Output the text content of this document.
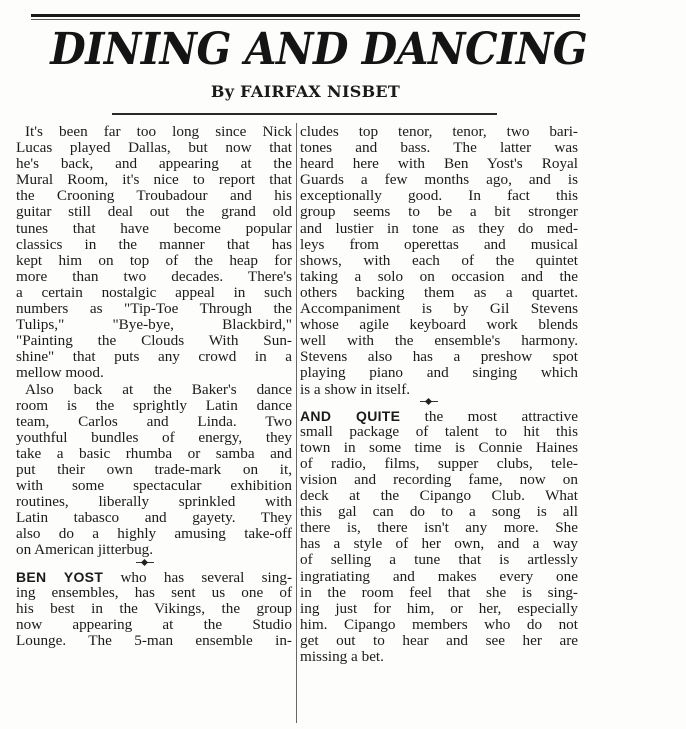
DINING AND DANCING
By FAIRFAX NISBET
It's been far too long since Nick
Lucas played Dallas, but now that
he's back, and appearing at the
Mural Room, it's nice to report that
the Crooning Troubadour and his
guitar still deal out the grand old
tunes that have become popular
classics in the manner that has
kept him on top of the heap for
more than two decades. There's
a certain nostalgic appeal in such
numbers as "Tip-Toe Through the
Tulips," "Bye-bye, Blackbird,"
"Painting the Clouds With Sun-
shine" that puts any crowd in a
mellow mood.
Also back at the Baker's dance
room is the sprightly Latin dance
team, Carlos and Linda. Two
youthful bundles of energy, they
take a basic rhumba or samba and
put their own trade-mark on it,
with some spectacular exhibition
routines, liberally sprinkled with
Latin tabasco and gayety. They
also do a highly amusing take-off
on American jitterbug.
BEN YOST who has several sing-
ing ensembles, has sent us one of
his best in the Vikings, the group
now appearing at the Studio
Lounge. The 5-man ensemble in-
cludes top tenor, tenor, two bari-
tones and bass. The latter was
heard here with Ben Yost's Royal
Guards a few months ago, and is
exceptionally good. In fact this
group seems to be a bit stronger
and lustier in tone as they do med-
leys from operettas and musical
shows, with each of the quintet
taking a solo on occasion and the
others backing them as a quartet.
Accompaniment is by Gil Stevens
whose agile keyboard work blends
well with the ensemble's harmony.
Stevens also has a preshow spot
playing piano and singing which
is a show in itself.
AND QUITE the most attractive
small package of talent to hit this
town in some time is Connie Haines
of radio, films, supper clubs, tele-
vision and recording fame, now on
deck at the Cipango Club. What
this gal can do to a song is all
there is, there isn't any more. She
has a style of her own, and a way
of selling a tune that is artlessly
ingratiating and makes every one
in the room feel that she is sing-
ing just for him, or her, especially
him. Cipango members who do not
get out to hear and see her are
missing a bet.
